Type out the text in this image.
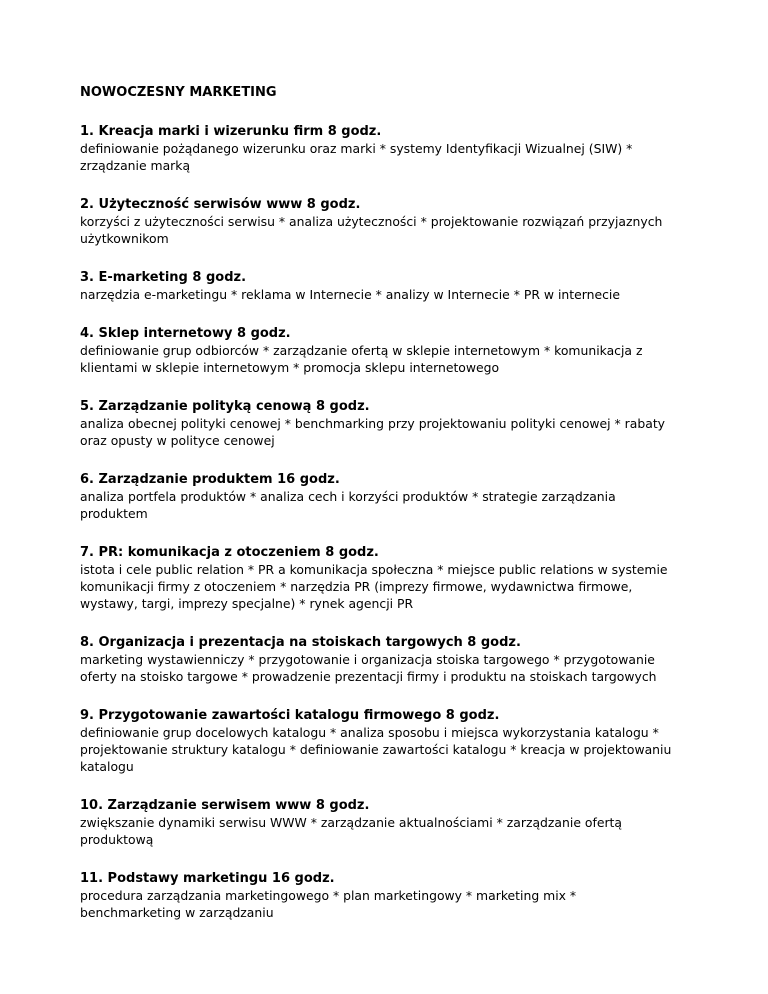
NOWOCZESNY MARKETING
1. Kreacja marki i wizerunku firm 8 godz.
definiowanie pożądanego wizerunku oraz marki * systemy Identyfikacji Wizualnej (SIW) * zrządzanie marką
2. Użyteczność serwisów www 8 godz.
korzyści z użyteczności serwisu * analiza użyteczności * projektowanie rozwiązań przyjaznych użytkownikom
3. E-marketing 8 godz.
narzędzia e-marketingu * reklama w Internecie * analizy w Internecie * PR w internecie
4. Sklep internetowy 8 godz.
definiowanie grup odbiorców * zarządzanie ofertą w sklepie internetowym * komunikacja z klientami w sklepie internetowym * promocja sklepu internetowego
5. Zarządzanie polityką cenową 8 godz.
analiza obecnej polityki cenowej * benchmarking przy projektowaniu polityki cenowej * rabaty oraz opusty w polityce cenowej
6. Zarządzanie produktem 16 godz.
analiza portfela produktów * analiza cech i korzyści produktów * strategie zarządzania produktem
7. PR: komunikacja z otoczeniem 8 godz.
istota i cele public relation * PR a komunikacja społeczna * miejsce public relations w systemie komunikacji firmy z otoczeniem * narzędzia PR (imprezy firmowe, wydawnictwa firmowe, wystawy, targi, imprezy specjalne) * rynek agencji PR
8. Organizacja i prezentacja na stoiskach targowych 8 godz.
marketing wystawienniczy * przygotowanie i organizacja stoiska targowego * przygotowanie oferty na stoisko targowe * prowadzenie prezentacji firmy i produktu na stoiskach targowych
9. Przygotowanie zawartości katalogu firmowego 8 godz.
definiowanie grup docelowych katalogu * analiza sposobu i miejsca wykorzystania katalogu * projektowanie struktury katalogu * definiowanie zawartości katalogu * kreacja w projektowaniu katalogu
10. Zarządzanie serwisem www 8 godz.
zwiększanie dynamiki serwisu WWW * zarządzanie aktualnościami * zarządzanie ofertą produktową
11. Podstawy marketingu 16 godz.
procedura zarządzania marketingowego * plan marketingowy * marketing mix * benchmarketing w zarządzaniu
